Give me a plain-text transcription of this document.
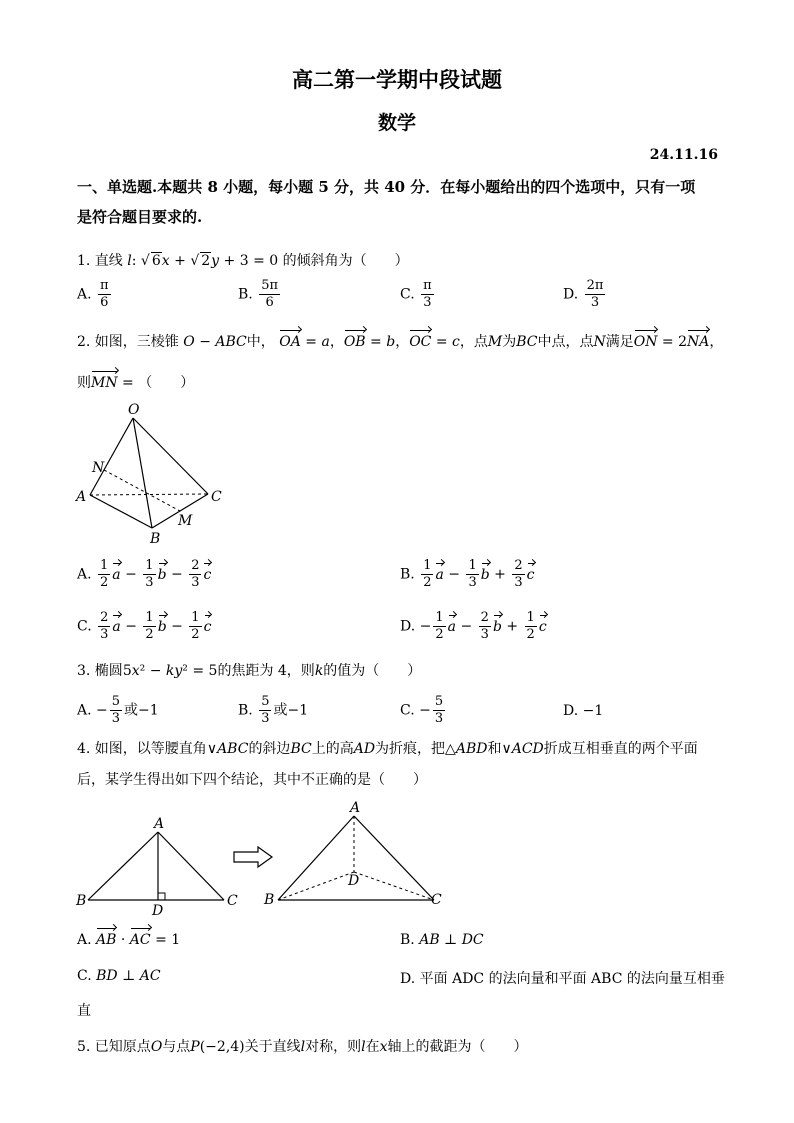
高二第一学期中段试题
数学
24.11.16
一、单选题.本题共 8 小题，每小题 5 分，共 40 分．在每小题给出的四个选项中，只有一项
是符合题目要求的.
1. 直线 l: √ 6x + √ 2y + 3 = 0 的倾斜角为（　　）
A. $\frac{\pi}{6}$	B. $\frac{5\pi}{6}$	C. $\frac{\pi}{3}$	D. $\frac{2\pi}{3}$
2. 如图，三棱锥 O − ABC中， OA = a，OB = b，OC = c，点M为BC中点，点N满足ON = 2NA，
则MN = （　　）
O
N
A
B
C
M
A. $\frac{1}{2}$ $a - \frac{1}{3}$ $b - \frac{2}{3}$ c	B. $\frac{1}{2}$ $a - \frac{1}{3}$ $b + \frac{2}{3}$ c
C. $\frac{2}{3}$ $a - \frac{1}{2}$ $b - \frac{1}{2}$ c	D. − $\frac{1}{2}$ $a - \frac{2}{3}$ $b + \frac{1}{2}$ c
3. 椭圆5x² − ky² = 5的焦距为 4，则k的值为（　　）
A. − $\frac{5}{3}$ 或−1	B. $\frac{5}{3}$ 或−1	C. − $\frac{5}{3}$	D. −1
4. 如图，以等腰直角∨ABC的斜边BC上的高AD为折痕，把△ABD和∨ACD折成互相垂直的两个平面
后，某学生得出如下四个结论，其中不正确的是（　　）
A
B	C
D
A
B	C
D
A. AB · AC = 1	B. AB ⊥ DC
C. BD ⊥ AC	D. 平面 ADC 的法向量和平面 ABC 的法向量互相垂
直
5. 已知原点O与点P(−2,4)关于直线l对称，则l在x轴上的截距为（　　）
